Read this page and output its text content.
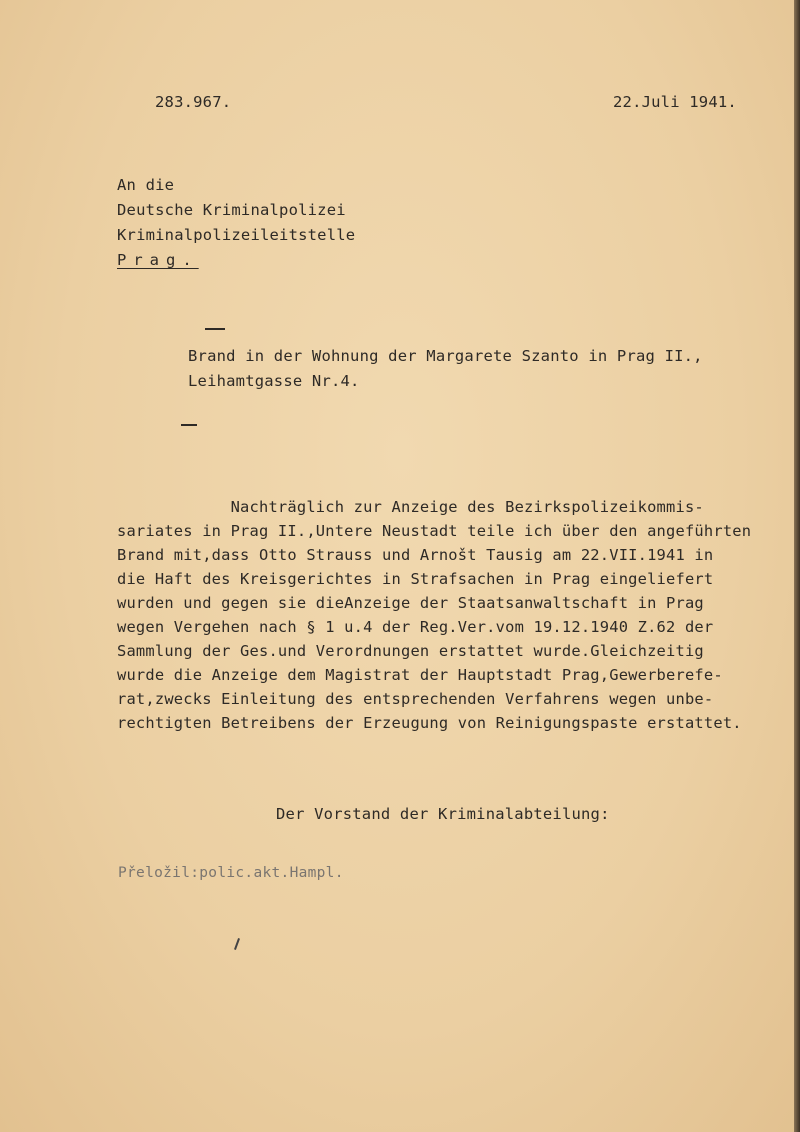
283.967.	22.Juli 1941.
An die
Deutsche Kriminalpolizei
Kriminalpolizeileitstelle
Prag.
Brand in der Wohnung der Margarete Szanto in Prag II.,
Leihamtgasse Nr.4.
Nachträglich zur Anzeige des Bezirkspolizeikommis-
sariates in Prag II.,Untere Neustadt teile ich über den angeführten
Brand mit,dass Otto Strauss und Arnošt Tausig am 22.VII.1941 in
die Haft des Kreisgerichtes in Strafsachen in Prag eingeliefert
wurden und gegen sie dieAnzeige der Staatsanwaltschaft in Prag
wegen Vergehen nach § 1 u.4 der Reg.Ver.vom 19.12.1940 Z.62 der
Sammlung der Ges.und Verordnungen erstattet wurde.Gleichzeitig
wurde die Anzeige dem Magistrat der Hauptstadt Prag,Gewerberefe-
rat,zwecks Einleitung des entsprechenden Verfahrens wegen unbe-
rechtigten Betreibens der Erzeugung von Reinigungspaste erstattet.
Der Vorstand der Kriminalabteilung:
Přeložil:polic.akt.Hampl.
